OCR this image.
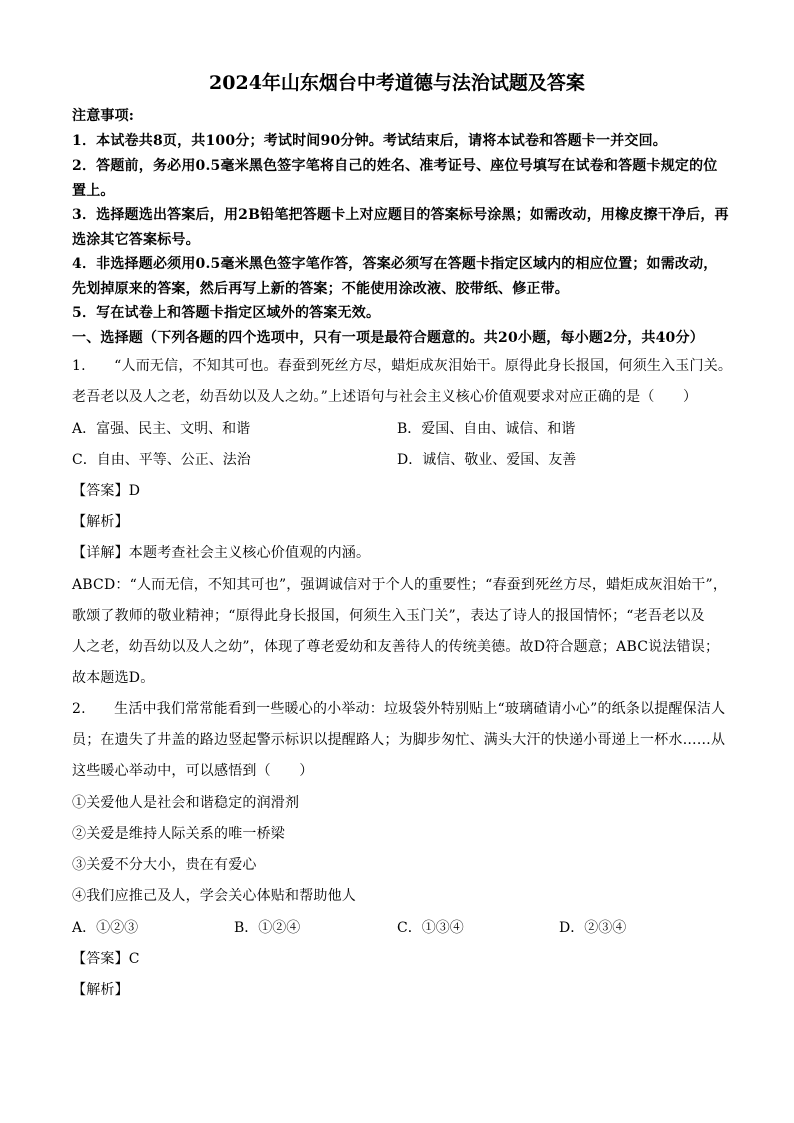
2024年山东烟台中考道德与法治试题及答案
注意事项:
1．本试卷共8页，共100分；考试时间90分钟。考试结束后，请将本试卷和答题卡一并交回。
2．答题前，务必用0.5毫米黑色签字笔将自己的姓名、准考证号、座位号填写在试卷和答题卡规定的位
置上。
3．选择题选出答案后，用2B铅笔把答题卡上对应题目的答案标号涂黑；如需改动，用橡皮擦干净后，再
选涂其它答案标号。
4．非选择题必须用0.5毫米黑色签字笔作答，答案必须写在答题卡指定区域内的相应位置；如需改动，
先划掉原来的答案，然后再写上新的答案；不能使用涂改液、胶带纸、修正带。
5．写在试卷上和答题卡指定区域外的答案无效。
一、选择题（下列各题的四个选项中，只有一项是最符合题意的。共20小题，每小题2分，共40分）
1.　　“人而无信，不知其可也。春蚕到死丝方尽，蜡炬成灰泪始干。原得此身长报国，何须生入玉门关。
老吾老以及人之老，幼吾幼以及人之幼。”上述语句与社会主义核心价值观要求对应正确的是（　　）
A．富强、民主、文明、和谐	B．爱国、自由、诚信、和谐
C．自由、平等、公正、法治	D．诚信、敬业、爱国、友善
【答案】D
【解析】
【详解】本题考查社会主义核心价值观的内涵。
ABCD：“人而无信，不知其可也”，强调诚信对于个人的重要性；“春蚕到死丝方尽，蜡炬成灰泪始干”，
歌颂了教师的敬业精神；“原得此身长报国，何须生入玉门关”，表达了诗人的报国情怀；“老吾老以及
人之老，幼吾幼以及人之幼”，体现了尊老爱幼和友善待人的传统美德。故D符合题意；ABC说法错误；
故本题选D。
2.　　生活中我们常常能看到一些暖心的小举动：垃圾袋外特别贴上“玻璃碴请小心”的纸条以提醒保洁人
员；在遗失了井盖的路边竖起警示标识以提醒路人；为脚步匆忙、满头大汗的快递小哥递上一杯水……从
这些暖心举动中，可以感悟到（　　）
①关爱他人是社会和谐稳定的润滑剂
②关爱是维持人际关系的唯一桥梁
③关爱不分大小，贵在有爱心
④我们应推己及人，学会关心体贴和帮助他人
A．①②③	B．①②④	C．①③④	D．②③④
【答案】C
【解析】
